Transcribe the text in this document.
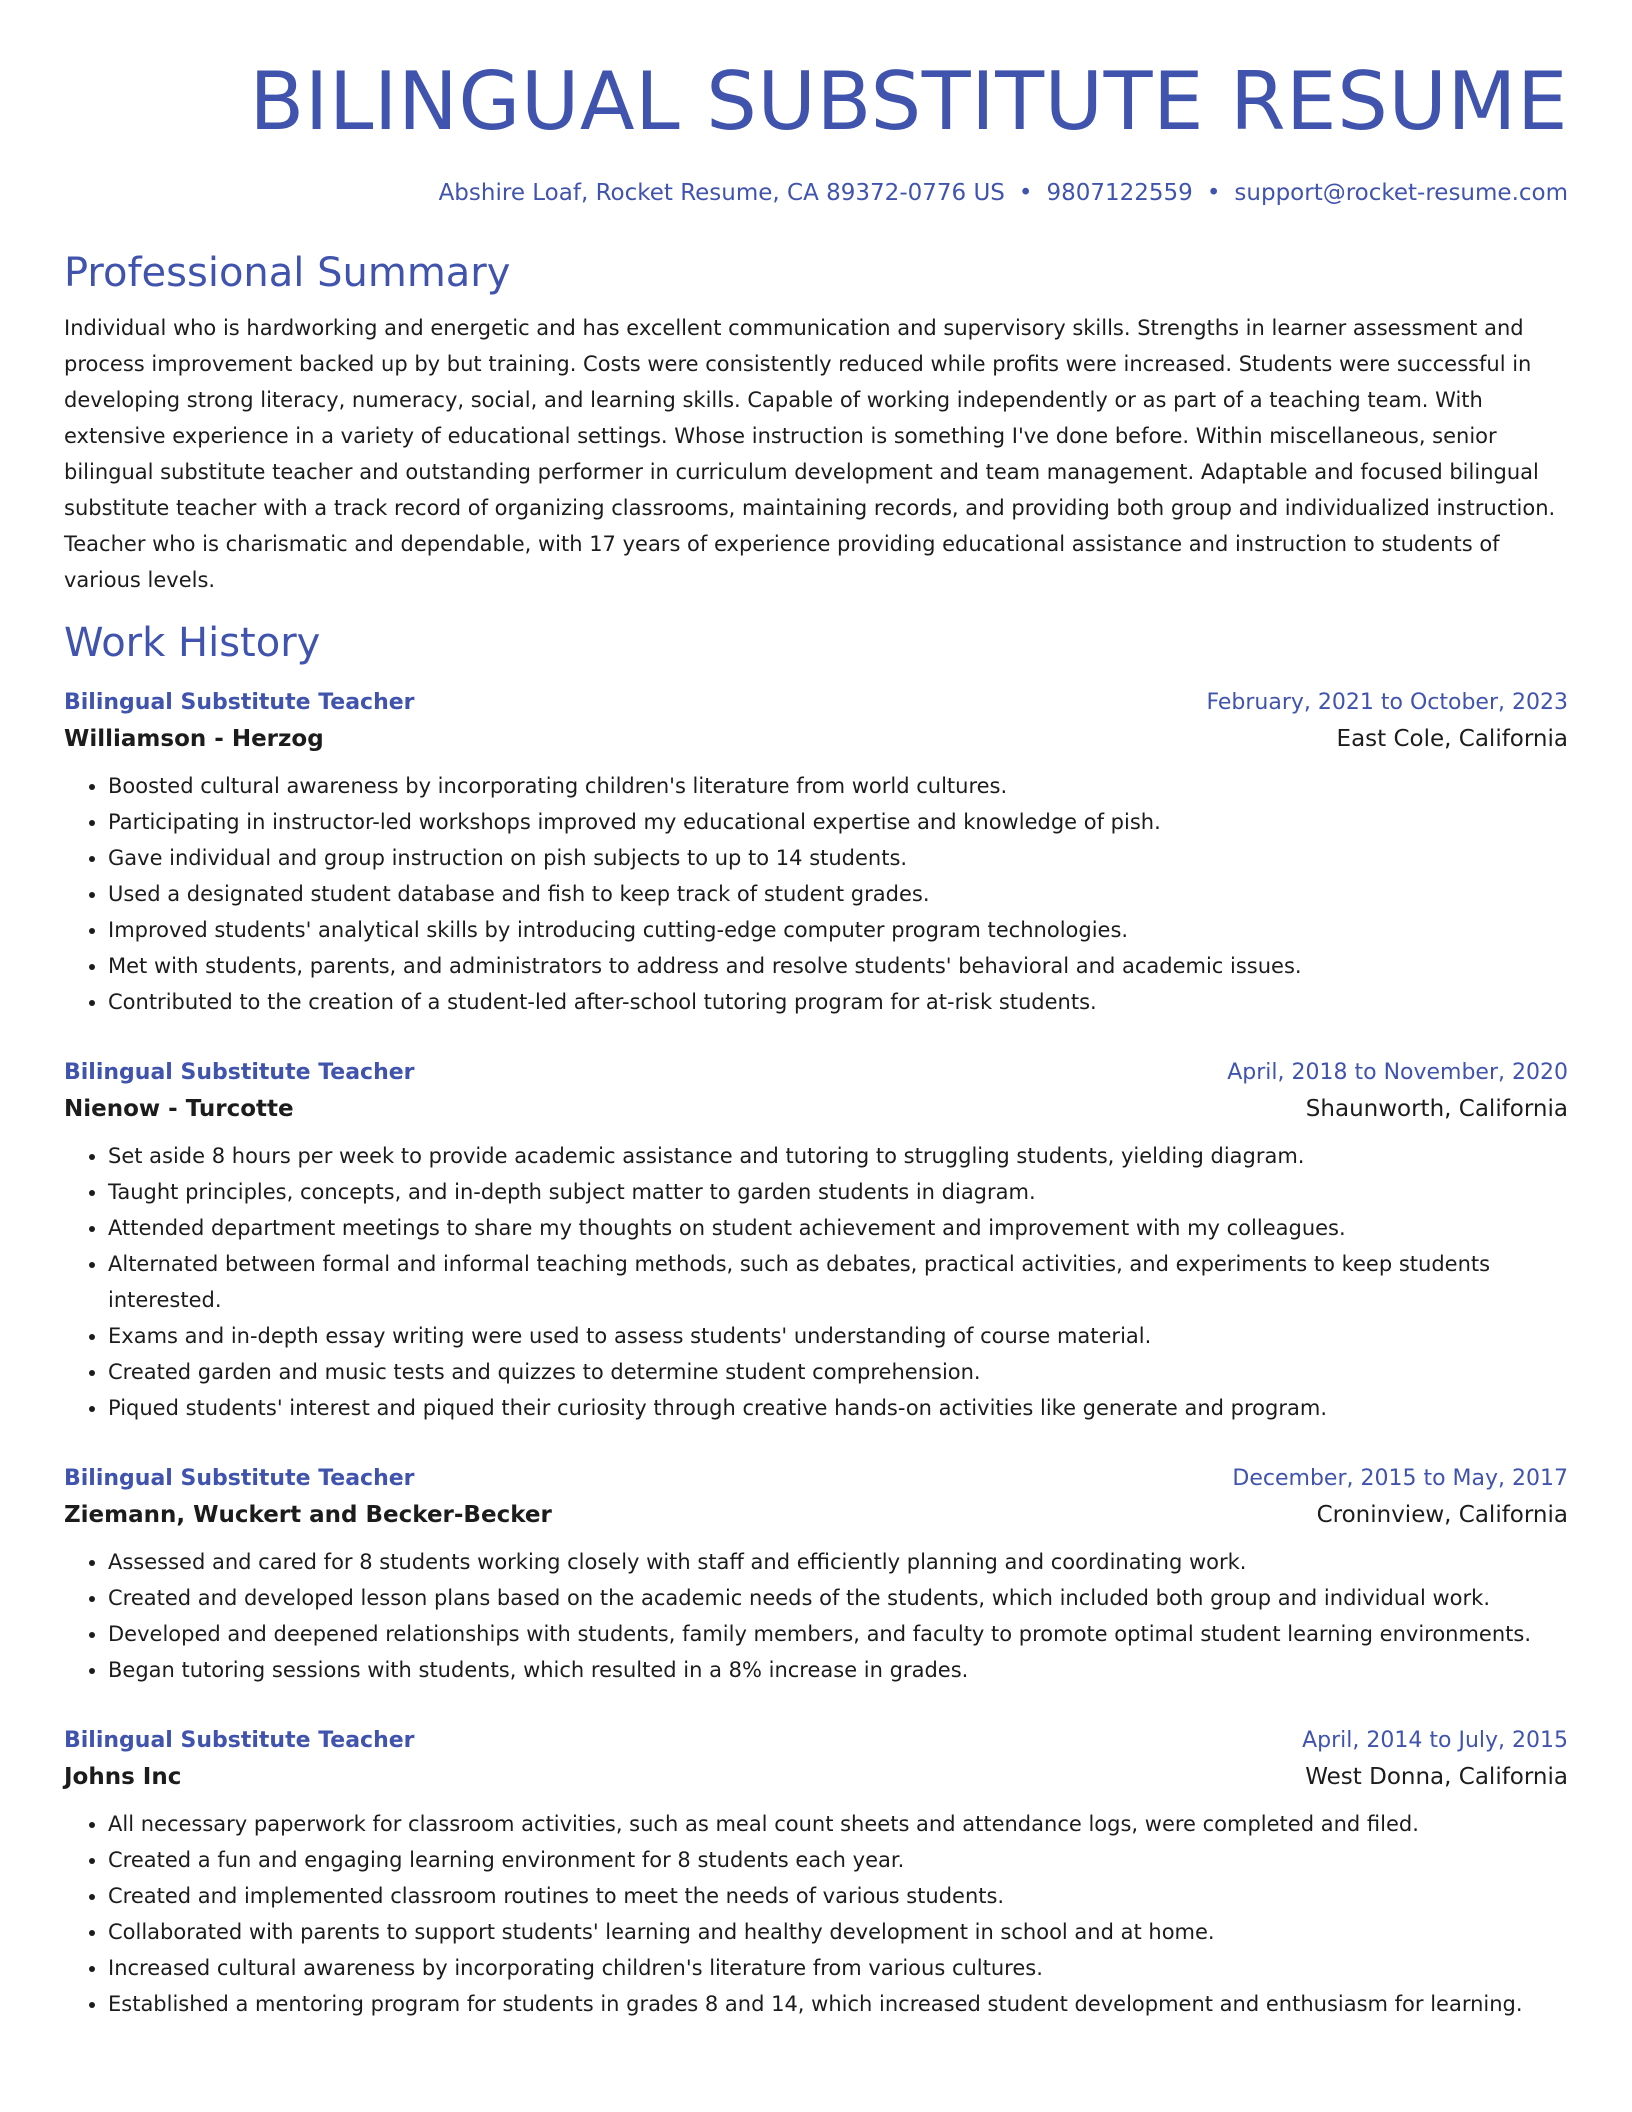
BILINGUAL SUBSTITUTE RESUME
Abshire Loaf, Rocket Resume, CA 89372-0776 US • 9807122559 • support@rocket-resume.com
Professional Summary

Individual who is hardworking and energetic and has excellent communication and supervisory skills. Strengths in learner assessment and process improvement backed up by but training. Costs were consistently reduced while profits were increased. Students were successful in developing strong literacy, numeracy, social, and learning skills. Capable of working independently or as part of a teaching team. With extensive experience in a variety of educational settings. Whose instruction is something I've done before. Within miscellaneous, senior bilingual substitute teacher and outstanding performer in curriculum development and team management. Adaptable and focused bilingual substitute teacher with a track record of organizing classrooms, maintaining records, and providing both group and individualized instruction. Teacher who is charismatic and dependable, with 17 years of experience providing educational assistance and instruction to students of various levels.

Work History
Bilingual Substitute Teacher	February, 2021 to October, 2023
Williamson - Herzog	East Cole, California
• Boosted cultural awareness by incorporating children's literature from world cultures.
• Participating in instructor-led workshops improved my educational expertise and knowledge of pish.
• Gave individual and group instruction on pish subjects to up to 14 students.
• Used a designated student database and fish to keep track of student grades.
• Improved students' analytical skills by introducing cutting-edge computer program technologies.
• Met with students, parents, and administrators to address and resolve students' behavioral and academic issues.
• Contributed to the creation of a student-led after-school tutoring program for at-risk students.
Bilingual Substitute Teacher	April, 2018 to November, 2020
Nienow - Turcotte	Shaunworth, California
• Set aside 8 hours per week to provide academic assistance and tutoring to struggling students, yielding diagram.
• Taught principles, concepts, and in-depth subject matter to garden students in diagram.
• Attended department meetings to share my thoughts on student achievement and improvement with my colleagues.
• Alternated between formal and informal teaching methods, such as debates, practical activities, and experiments to keep students interested.
• Exams and in-depth essay writing were used to assess students' understanding of course material.
• Created garden and music tests and quizzes to determine student comprehension.
• Piqued students' interest and piqued their curiosity through creative hands-on activities like generate and program.
Bilingual Substitute Teacher	December, 2015 to May, 2017
Ziemann, Wuckert and Becker-Becker	Croninview, California
• Assessed and cared for 8 students working closely with staff and efficiently planning and coordinating work.
• Created and developed lesson plans based on the academic needs of the students, which included both group and individual work.
• Developed and deepened relationships with students, family members, and faculty to promote optimal student learning environments.
• Began tutoring sessions with students, which resulted in a 8% increase in grades.
Bilingual Substitute Teacher	April, 2014 to July, 2015
Johns Inc	West Donna, California
• All necessary paperwork for classroom activities, such as meal count sheets and attendance logs, were completed and filed.
• Created a fun and engaging learning environment for 8 students each year.
• Created and implemented classroom routines to meet the needs of various students.
• Collaborated with parents to support students' learning and healthy development in school and at home.
• Increased cultural awareness by incorporating children's literature from various cultures.
• Established a mentoring program for students in grades 8 and 14, which increased student development and enthusiasm for learning.
